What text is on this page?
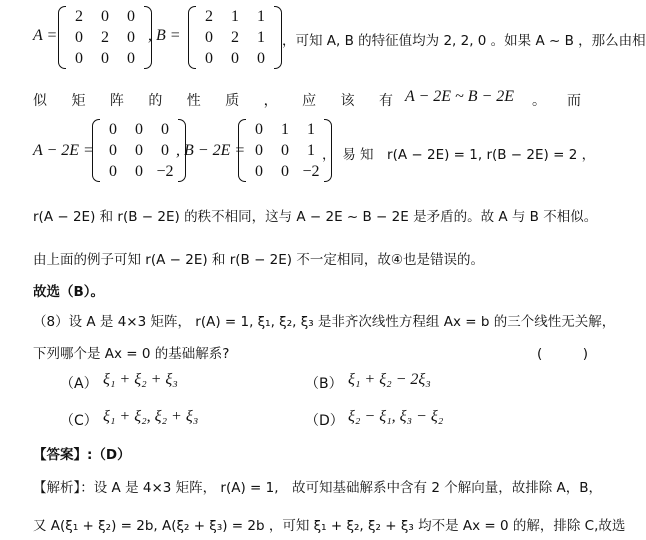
A =
2	0	0
0	2	0
0	0	0
, B =
2	1	1
0	2	1
0	0	0
，可知 A, B 的特征值均为 2, 2, 0 。如果 A ~ B ，那么由相
似 矩 阵 的 性 质 ， 应 该 有 A − 2E ~ B − 2E 。　　而
A − 2E =
0	0	0
0	0	0
0	0 −2
, B − 2E =
0	1	1
0	0	1
0	0 −2
，　易 知　r(A − 2E) = 1, r(B − 2E) = 2 ，
r(A − 2E) 和 r(B − 2E) 的秩不相同，这与 A − 2E ~ B − 2E 是矛盾的。故 A 与 B 不相似。
由上面的例子可知 r(A − 2E) 和 r(B − 2E) 不一定相同，故④也是错误的。
故选（B）。
（8）设 A 是 4×3 矩阵， r(A) = 1, ξ₁, ξ₂, ξ₃ 是非齐次线性方程组 Ax = b 的三个线性无关解，
下列哪个是 Ax = 0 的基础解系?	(　　　)
（A） ξ₁ + ξ₂ + ξ₃	（B） ξ₁ + ξ₂ − 2ξ₃
（C） ξ₁ + ξ₂, ξ₂ + ξ₃	（D） ξ₂ − ξ₁, ξ₃ − ξ₂
【答案】:（D）
【解析】：设 A 是 4×3 矩阵， r(A) = 1,　故可知基础解系中含有 2 个解向量，故排除 A，B，
又 A(ξ₁ + ξ₂) = 2b, A(ξ₂ + ξ₃) = 2b ，可知 ξ₁ + ξ₂, ξ₂ + ξ₃ 均不是 Ax = 0 的解，排除 C,故选
